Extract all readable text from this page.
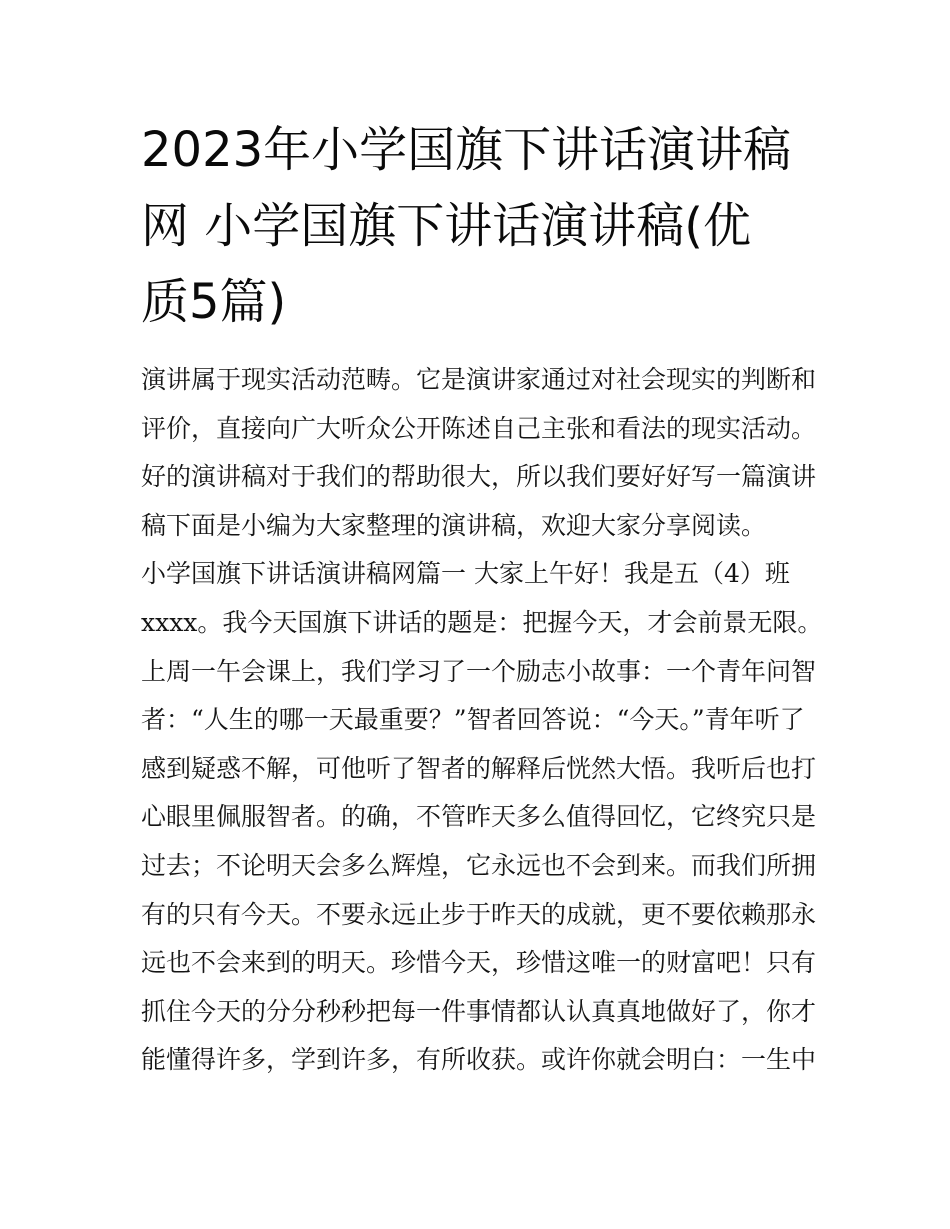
2023年小学国旗下讲话演讲稿
网 小学国旗下讲话演讲稿(优
质5篇)
演讲属于现实活动范畴。它是演讲家通过对社会现实的判断和
评价，直接向广大听众公开陈述自己主张和看法的现实活动。
好的演讲稿对于我们的帮助很大，所以我们要好好写一篇演讲
稿下面是小编为大家整理的演讲稿，欢迎大家分享阅读。
小学国旗下讲话演讲稿网篇一 大家上午好！我是五（4）班
xxxx。我今天国旗下讲话的题是：把握今天，才会前景无限。
上周一午会课上，我们学习了一个励志小故事：一个青年问智
者：“人生的哪一天最重要？”智者回答说：“今天。”青年听了
感到疑惑不解，可他听了智者的解释后恍然大悟。我听后也打
心眼里佩服智者。的确，不管昨天多么值得回忆，它终究只是
过去；不论明天会多么辉煌，它永远也不会到来。而我们所拥
有的只有今天。不要永远止步于昨天的成就，更不要依赖那永
远也不会来到的明天。珍惜今天，珍惜这唯一的财富吧！只有
抓住今天的分分秒秒把每一件事情都认认真真地做好了，你才
能懂得许多，学到许多，有所收获。或许你就会明白：一生中
